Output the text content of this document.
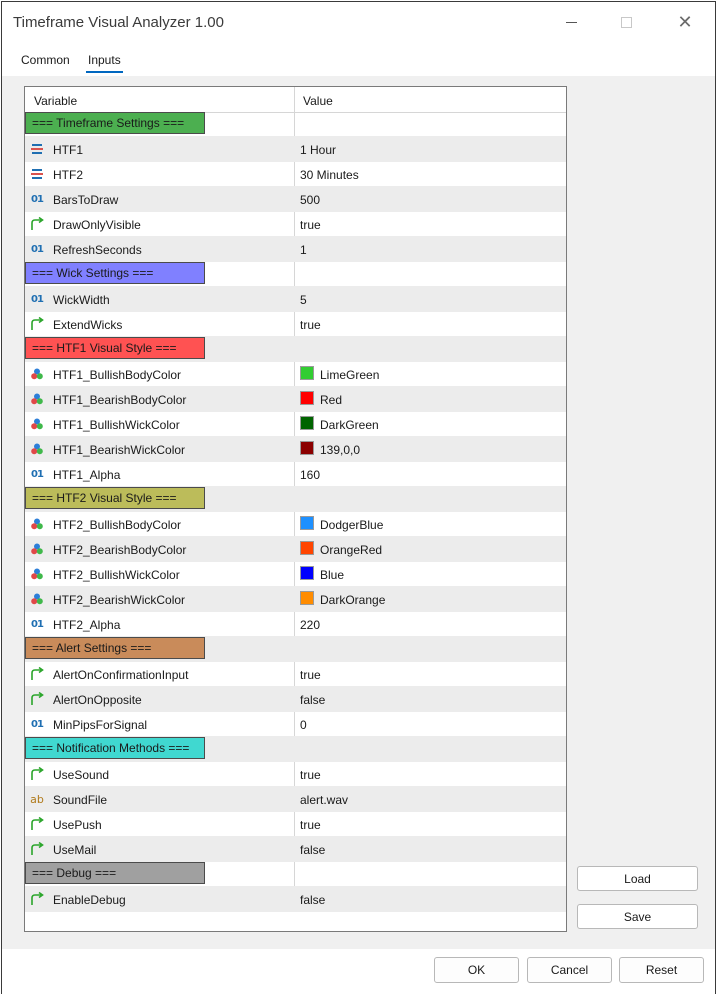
Timeframe Visual Analyzer 1.00	✕
Common Inputs
Variable	Value
=== Timeframe Settings ===
HTF1	1 Hour
HTF2	30 Minutes
01 BarsToDraw	500
DrawOnlyVisible	true
01 RefreshSeconds	1
=== Wick Settings ===
01 WickWidth	5
ExtendWicks	true
=== HTF1 Visual Style ===
HTF1_BullishBodyColor	LimeGreen
HTF1_BearishBodyColor	Red
HTF1_BullishWickColor	DarkGreen
HTF1_BearishWickColor	139,0,0
01 HTF1_Alpha	160
=== HTF2 Visual Style ===
HTF2_BullishBodyColor	DodgerBlue
HTF2_BearishBodyColor	OrangeRed
HTF2_BullishWickColor	Blue
HTF2_BearishWickColor	DarkOrange
01 HTF2_Alpha	220
=== Alert Settings ===
AlertOnConfirmationInput	true
AlertOnOpposite	false
01 MinPipsForSignal	0
=== Notification Methods ===
UseSound	true
ab SoundFile	alert.wav
UsePush	true
UseMail	false
=== Debug ===
EnableDebug	false
Load
Save
OK	Cancel	Reset
